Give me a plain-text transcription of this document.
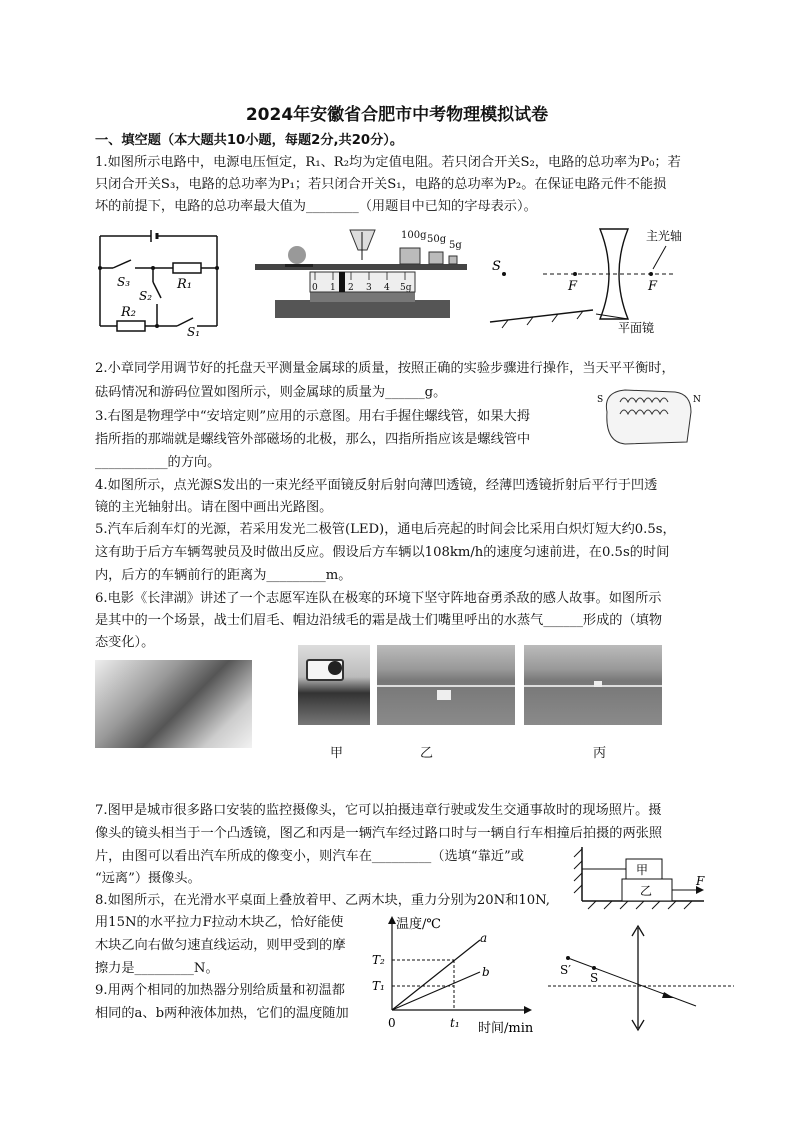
2024年安徽省合肥市中考物理模拟试卷
一、填空题（本大题共10小题，每题2分,共20分）。
1.如图所示电路中，电源电压恒定，R₁、R₂均为定值电阻。若只闭合开关S₂，电路的总功率为P₀；若
只闭合开关S₃，电路的总功率为P₁；若只闭合开关S₁，电路的总功率为P₂。在保证电路元件不能损
坏的前提下，电路的总功率最大值为________（用题目中已知的字母表示）。
S₃
S₂
R₁
R₂
S₁
0 1 2 3 4 5g
100g 50g
5g
S
F	F
主光轴
平面镜
2.小章同学用调节好的托盘天平测量金属球的质量，按照正确的实验步骤进行操作，当天平平衡时，
砝码情况和游码位置如图所示，则金属球的质量为______g。	S	N
3.右图是物理学中“安培定则”应用的示意图。用右手握住螺线管，如果大拇
指所指的那端就是螺线管外部磁场的北极，那么，四指所指应该是螺线管中
___________的方向。
4.如图所示，点光源S发出的一束光经平面镜反射后射向薄凹透镜，经薄凹透镜折射后平行于凹透
镜的主光轴射出。请在图中画出光路图。
5.汽车后刹车灯的光源，若采用发光二极管(LED)，通电后亮起的时间会比采用白炽灯短大约0.5s，
这有助于后方车辆驾驶员及时做出反应。假设后方车辆以108km/h的速度匀速前进，在0.5s的时间
内，后方的车辆前行的距离为_________m。
6.电影《长津湖》讲述了一个志愿军连队在极寒的环境下坚守阵地奋勇杀敌的感人故事。如图所示
是其中的一个场景，战士们眉毛、帽边沿绒毛的霜是战士们嘴里呼出的水蒸气______形成的（填物
态变化）。
甲	乙	丙
7.图甲是城市很多路口安装的监控摄像头，它可以拍摄违章行驶或发生交通事故时的现场照片。摄
像头的镜头相当于一个凸透镜，图乙和丙是一辆汽车经过路口时与一辆自行车相撞后拍摄的两张照
片，由图可以看出汽车所成的像变小，则汽车在_________（选填“靠近”或
“远离”）摄像头。
甲
乙
F
8.如图所示，在光滑水平桌面上叠放着甲、乙两木块，重力分别为20N和10N,
用15N的水平拉力F拉动木块乙，恰好能使
木块乙向右做匀速直线运动，则甲受到的摩
擦力是_________N。
温度/℃
时间/min
T₂
T₁
0	t₁
a
b	S′
S
9.用两个相同的加热器分别给质量和初温都
相同的a、b两种液体加热，它们的温度随加
